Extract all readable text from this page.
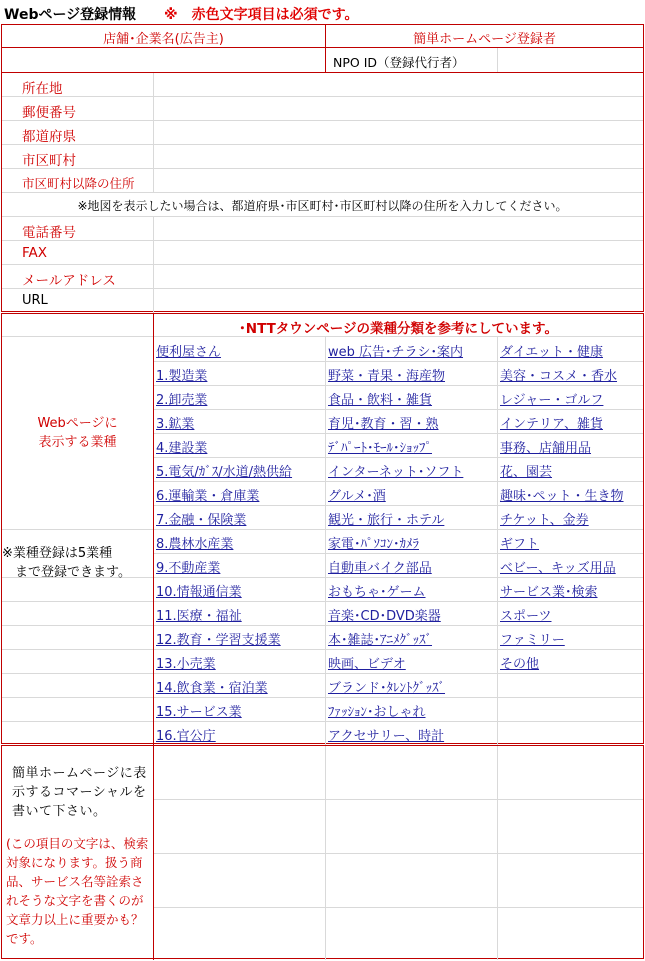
Webページ登録情報 ※　赤色文字項目は必須です。
店舗･企業名(広告主)	簡単ホームページ登録者
NPO ID（登録代行者）
所在地
郵便番号
都道府県
市区町村
市区町村以降の住所
※地図を表示したい場合は、都道府県･市区町村･市区町村以降の住所を入力してください。
電話番号
FAX
メールアドレス
URL
･NTTタウンページの業種分類を参考にしています。
Webページに
表示する業種
※業種登録は5業種
　まで登録できます。
便利屋さん
1.製造業
2.卸売業
3.鉱業
4.建設業
5.電気/ｶﾞｽ/水道/熱供給
6.運輸業・倉庫業
7.金融・保険業
8.農林水産業
9.不動産業
10.情報通信業
11.医療・福祉
12.教育・学習支援業
13.小売業
14.飲食業・宿泊業
15.サービス業
16.官公庁
web 広告･チラシ･案内
野菜・青果・海産物
食品・飲料・雑貨
育児･教育・習・熟
ﾃﾞﾊﾟｰﾄ･ﾓｰﾙ･ｼｮｯﾌﾟ
インターネット･ソフト
グルメ･酒
観光・旅行・ホテル
家電･ﾊﾟｿｺﾝ･ｶﾒﾗ
自動車バイク部品
おもちゃ･ゲーム
音楽･CD･DVD楽器
本･雑誌･ｱﾆﾒｸﾞｯｽﾞ
映画、ビデオ
ブランド･ﾀﾚﾝﾄｸﾞｯｽﾞ
ﾌｧｯｼｮﾝ･おしゃれ
アクセサリー、時計
ダイエット・健康
美容・コスメ・香水
レジャー・ゴルフ
インテリア、雑貨
事務、店舗用品
花、園芸
趣味･ペット・生き物
チケット、金券
ギフト
ベビー、キッズ用品
サービス業･検索
スポーツ
ファミリー
その他
簡単ホームページに表示するコマーシャルを書いて下さい。
(この項目の文字は、検索対象になります。扱う商品、サービス名等詮索されそうな文字を書くのが文章力以上に重要かも？です。
